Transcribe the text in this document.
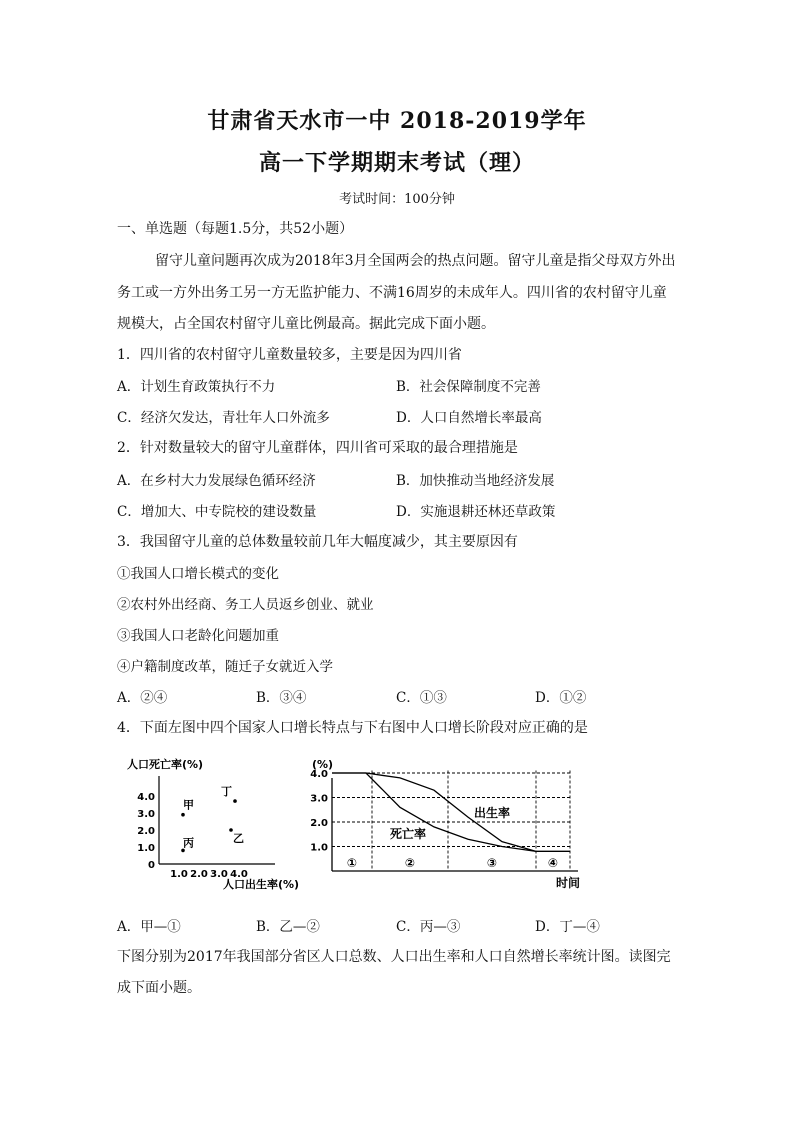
甘肃省天水市一中 2018-2019学年
高一下学期期末考试（理）
考试时间：100分钟
一、单选题（每题1.5分，共52小题）
留守儿童问题再次成为2018年3月全国两会的热点问题。留守儿童是指父母双方外出
务工或一方外出务工另一方无监护能力、不满16周岁的未成年人。四川省的农村留守儿童
规模大，占全国农村留守儿童比例最高。据此完成下面小题。
1．四川省的农村留守儿童数量较多，主要是因为四川省
A．计划生育政策执行不力	B．社会保障制度不完善
C．经济欠发达，青壮年人口外流多	D．人口自然增长率最高
2．针对数量较大的留守儿童群体，四川省可采取的最合理措施是
A．在乡村大力发展绿色循环经济	B．加快推动当地经济发展
C．增加大、中专院校的建设数量	D．实施退耕还林还草政策
3．我国留守儿童的总体数量较前几年大幅度减少，其主要原因有
①我国人口增长模式的变化
②农村外出经商、务工人员返乡创业、就业
③我国人口老龄化问题加重
④户籍制度改革，随迁子女就近入学
A．②④	B．③④	C．①③	D．①②
4．下面左图中四个国家人口增长特点与下右图中人口增长阶段对应正确的是
人口死亡率(%)
0
1.0
2.0
3.0
4.0
1.0 2.0 3.0 4.0
甲
乙
丙
丁
人口出生率(%)
(%)
1.0
2.0
3.0
4.0
①	②	③	④
出生率
死亡率
时间
A．甲—①	B．乙—②	C．丙—③	D．丁—④
下图分别为2017年我国部分省区人口总数、人口出生率和人口自然增长率统计图。读图完
成下面小题。
